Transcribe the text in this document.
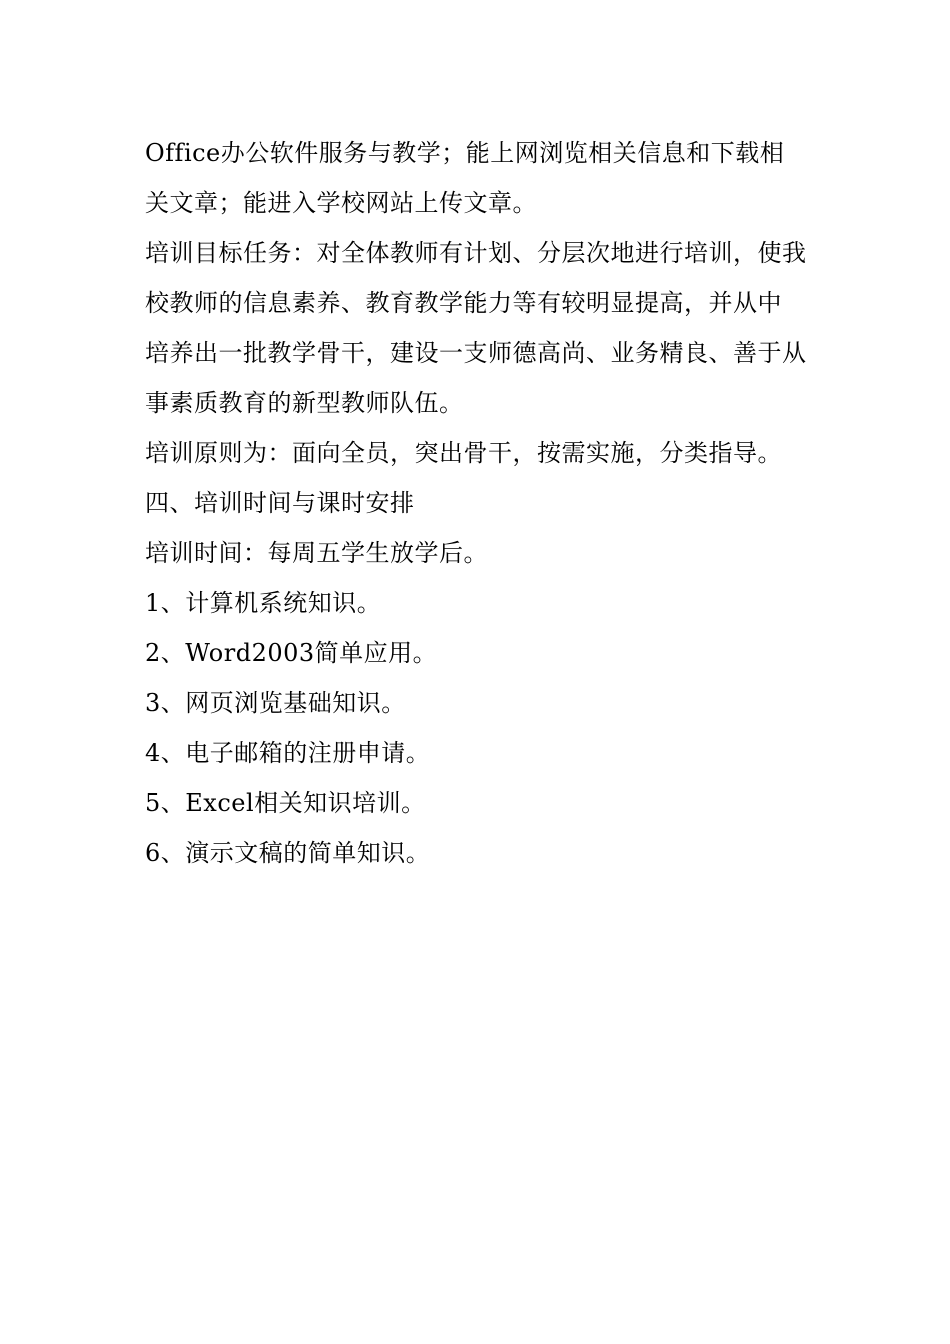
Office办公软件服务与教学；能上网浏览相关信息和下载相
关文章；能进入学校网站上传文章。
培训目标任务：对全体教师有计划、分层次地进行培训，使我
校教师的信息素养、教育教学能力等有较明显提高，并从中
培养出一批教学骨干，建设一支师德高尚、业务精良、善于从
事素质教育的新型教师队伍。
培训原则为：面向全员，突出骨干，按需实施，分类指导。
四、培训时间与课时安排
培训时间：每周五学生放学后。
1、计算机系统知识。
2、Word2003简单应用。
3、网页浏览基础知识。
4、电子邮箱的注册申请。
5、Excel相关知识培训。
6、演示文稿的简单知识。
